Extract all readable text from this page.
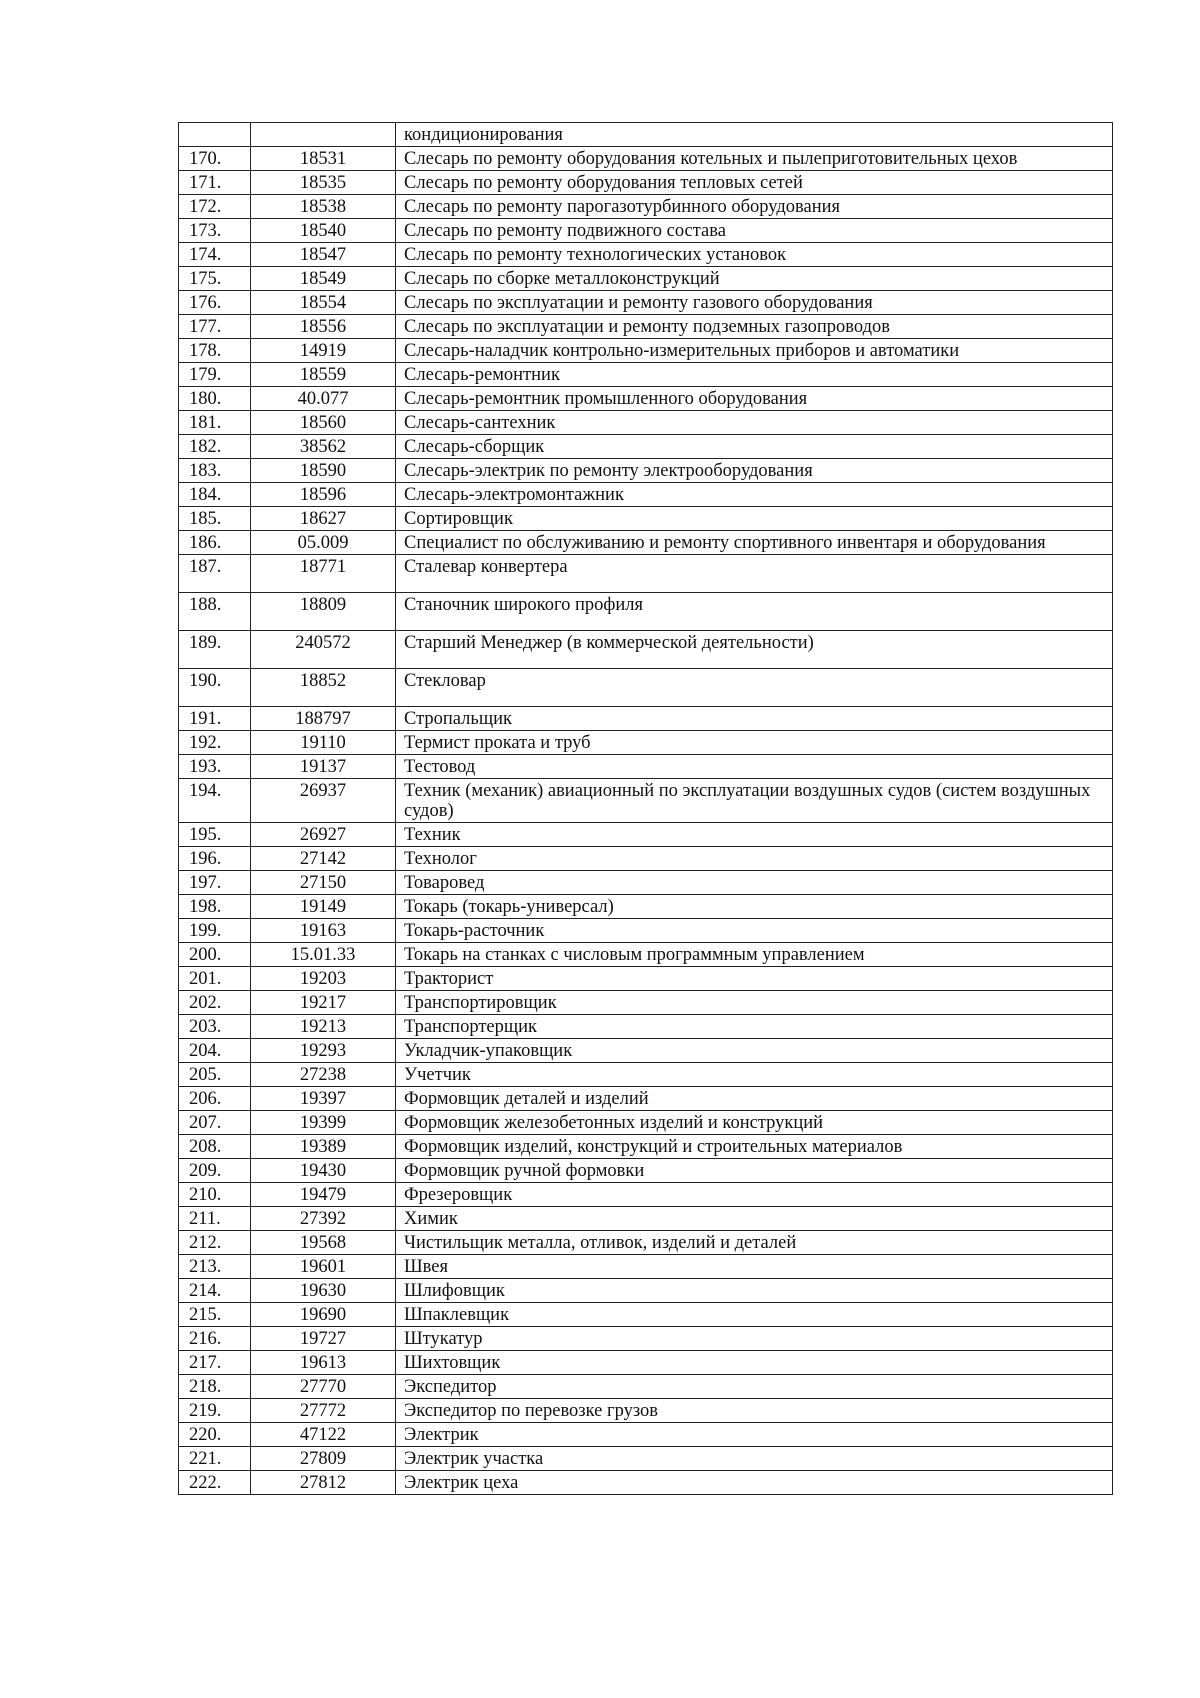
		кондиционирования
170.	18531	Слесарь по ремонту оборудования котельных и пылеприготовительных цехов
171.	18535	Слесарь по ремонту оборудования тепловых сетей
172.	18538	Слесарь по ремонту парогазотурбинного оборудования
173.	18540	Слесарь по ремонту подвижного состава
174.	18547	Слесарь по ремонту технологических установок
175.	18549	Слесарь по сборке металлоконструкций
176.	18554	Слесарь по эксплуатации и ремонту газового оборудования
177.	18556	Слесарь по эксплуатации и ремонту подземных газопроводов
178.	14919	Слесарь-наладчик контрольно-измерительных приборов и автоматики
179.	18559	Слесарь-ремонтник
180.	40.077	Слесарь-ремонтник промышленного оборудования
181.	18560	Слесарь-сантехник
182.	38562	Слесарь-сборщик
183.	18590	Слесарь-электрик по ремонту электрооборудования
184.	18596	Слесарь-электромонтажник
185.	18627	Сортировщик
186.	05.009	Специалист по обслуживанию и ремонту спортивного инвентаря и оборудования
187.	18771	Сталевар конвертера
188.	18809	Станочник широкого профиля
189.	240572	Старший Менеджер (в коммерческой деятельности)
190.	18852	Стекловар
191.	188797	Стропальщик
192.	19110	Термист проката и труб
193.	19137	Тестовод
194.	26937	Техник (механик) авиационный по эксплуатации воздушных судов (систем воздушных судов)
195.	26927	Техник
196.	27142	Технолог
197.	27150	Товаровед
198.	19149	Токарь (токарь-универсал)
199.	19163	Токарь-расточник
200.	15.01.33	Токарь на станках с числовым программным управлением
201.	19203	Тракторист
202.	19217	Транспортировщик
203.	19213	Транспортерщик
204.	19293	Укладчик-упаковщик
205.	27238	Учетчик
206.	19397	Формовщик деталей и изделий
207.	19399	Формовщик железобетонных изделий и конструкций
208.	19389	Формовщик изделий, конструкций и строительных материалов
209.	19430	Формовщик ручной формовки
210.	19479	Фрезеровщик
211.	27392	Химик
212.	19568	Чистильщик металла, отливок, изделий и деталей
213.	19601	Швея
214.	19630	Шлифовщик
215.	19690	Шпаклевщик
216.	19727	Штукатур
217.	19613	Шихтовщик
218.	27770	Экспедитор
219.	27772	Экспедитор по перевозке грузов
220.	47122	Электрик
221.	27809	Электрик участка
222.	27812	Электрик цеха
